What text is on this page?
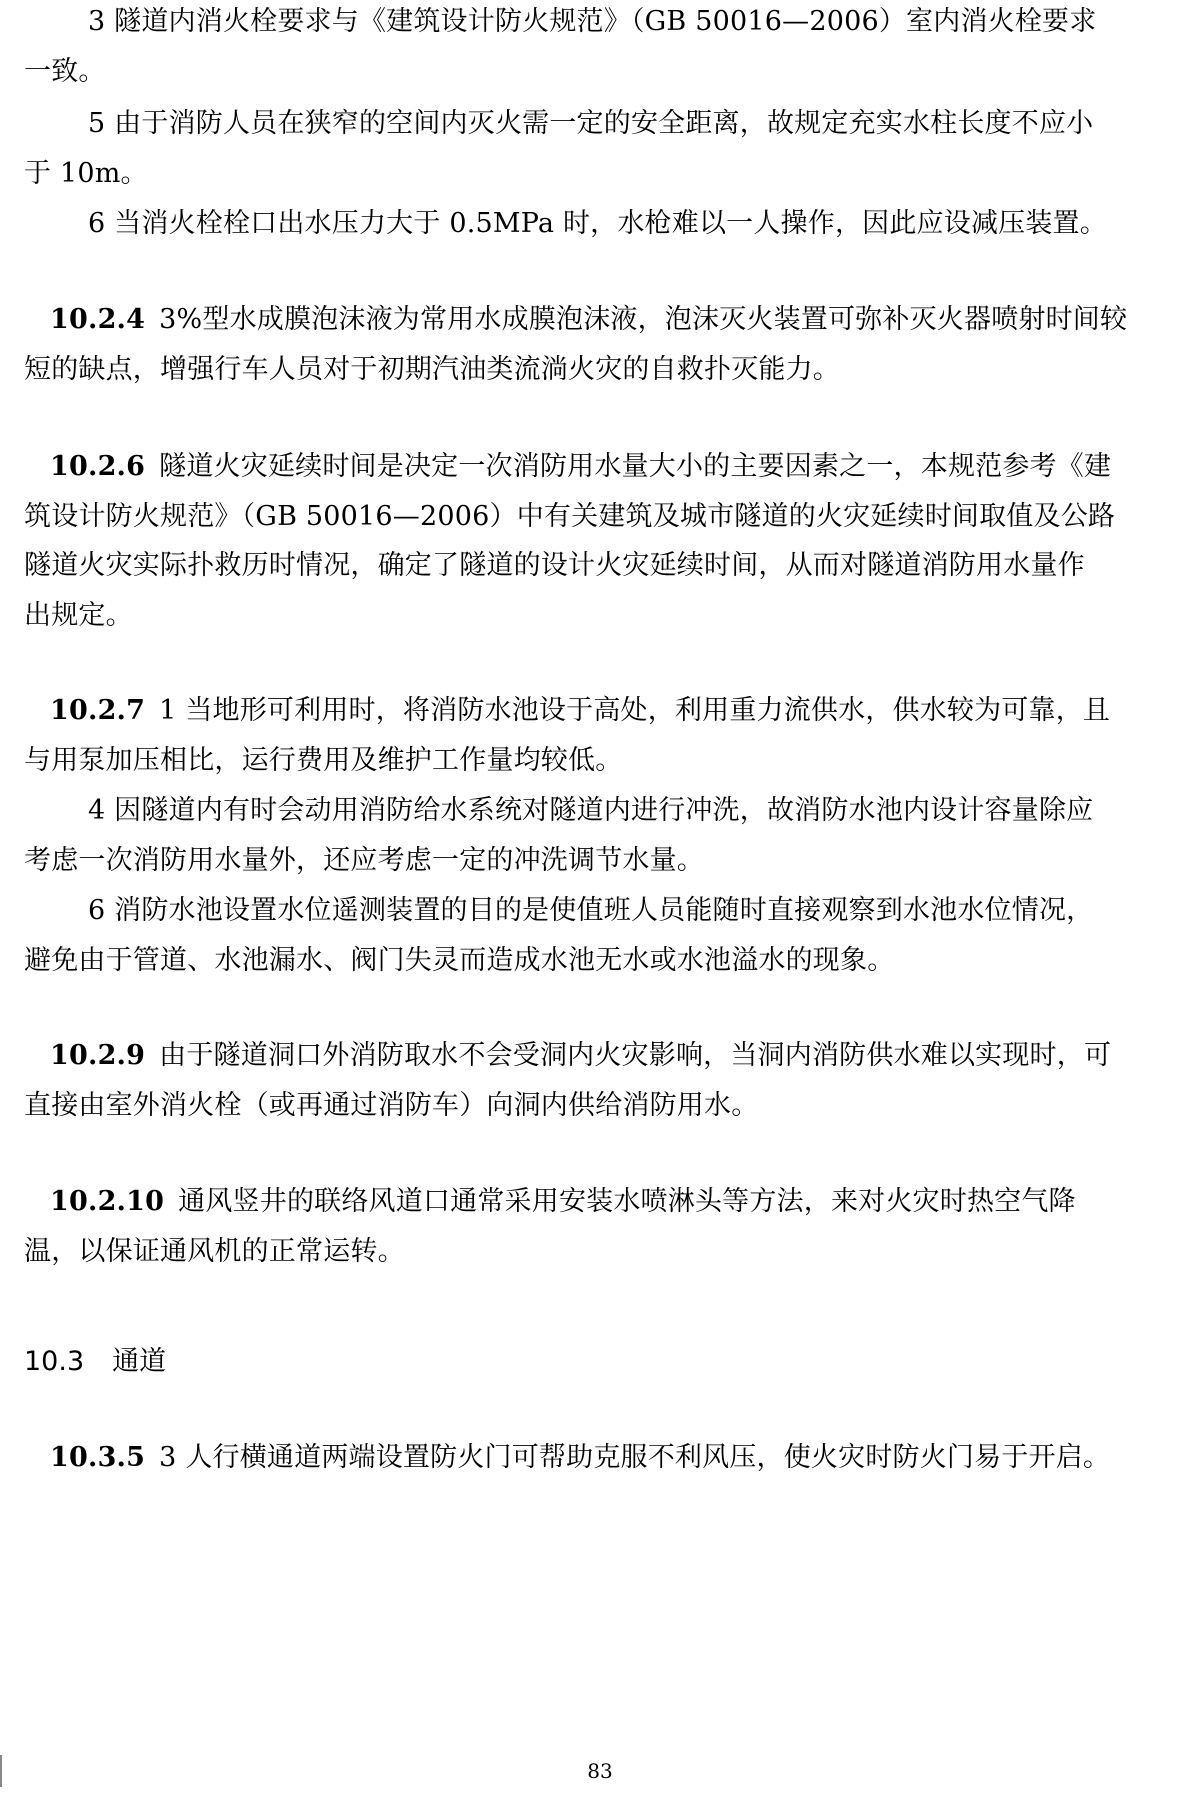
3 隧道内消火栓要求与《建筑设计防火规范》（GB 50016—2006）室内消火栓要求
一致。
5 由于消防人员在狭窄的空间内灭火需一定的安全距离，故规定充实水柱长度不应小
于 10m。
6 当消火栓栓口出水压力大于 0.5MPa 时，水枪难以一人操作，因此应设减压装置。
10.2.4 3%型水成膜泡沫液为常用水成膜泡沫液，泡沫灭火装置可弥补灭火器喷射时间较
短的缺点，增强行车人员对于初期汽油类流淌火灾的自救扑灭能力。
10.2.6 隧道火灾延续时间是决定一次消防用水量大小的主要因素之一，本规范参考《建
筑设计防火规范》（GB 50016—2006）中有关建筑及城市隧道的火灾延续时间取值及公路
隧道火灾实际扑救历时情况，确定了隧道的设计火灾延续时间，从而对隧道消防用水量作
出规定。
10.2.7 1 当地形可利用时，将消防水池设于高处，利用重力流供水，供水较为可靠，且
与用泵加压相比，运行费用及维护工作量均较低。
4 因隧道内有时会动用消防给水系统对隧道内进行冲洗，故消防水池内设计容量除应
考虑一次消防用水量外，还应考虑一定的冲洗调节水量。
6 消防水池设置水位遥测装置的目的是使值班人员能随时直接观察到水池水位情况，
避免由于管道、水池漏水、阀门失灵而造成水池无水或水池溢水的现象。
10.2.9 由于隧道洞口外消防取水不会受洞内火灾影响，当洞内消防供水难以实现时，可
直接由室外消火栓（或再通过消防车）向洞内供给消防用水。
10.2.10 通风竖井的联络风道口通常采用安装水喷淋头等方法，来对火灾时热空气降
温，以保证通风机的正常运转。
10.3 通道
10.3.5 3 人行横通道两端设置防火门可帮助克服不利风压，使火灾时防火门易于开启。
83
